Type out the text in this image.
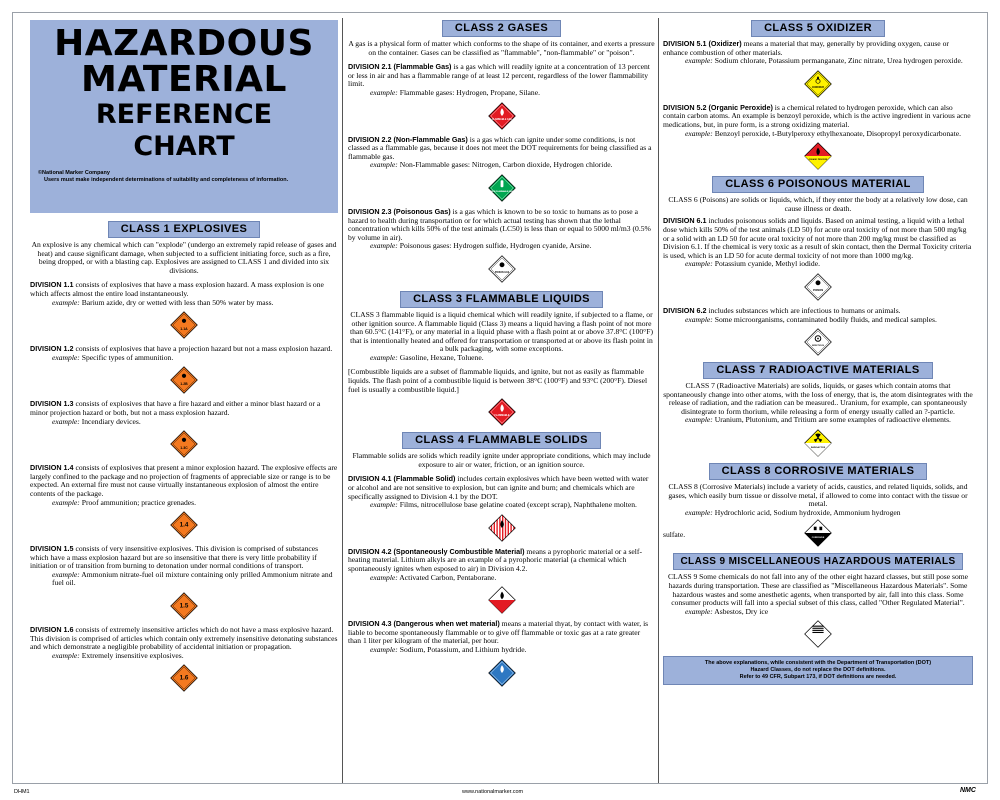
HAZARDOUS
MATERIAL
REFERENCE
CHART
©National Marker Company
Users must make independent determinations of suitability and completeness of information.
CLASS 1 EXPLOSIVES
An explosive is any chemical which can "explode" (undergo an extremely rapid release of gases and heat) and cause significant damage, when subjected to a sufficient initiating force, such as a fire, being dropped, or with a blasting cap. Explosives are assigned to CLASS 1 and divided into six divisions.
DIVISION 1.1 consists of explosives that have a mass explosion hazard. A mass explosion is one which affects almost the entire load instantaneously.
example: Barium azide, dry or wetted with less than 50% water by mass.
1.1A
DIVISION 1.2 consists of explosives that have a projection hazard but not a mass explosion hazard.
example: Specific types of ammunition.
1.2B
DIVISION 1.3 consists of explosives that have a fire hazard and either a minor blast hazard or a minor projection hazard or both, but not a mass explosion hazard.
example: Incendiary devices.
1.3C
DIVISION 1.4 consists of explosives that present a minor explosion hazard. The explosive effects are largely confined to the package and no projection of fragments of appreciable size or range is to be expected. An external fire must not cause virtually instantaneous explosion of almost the entire contents of the package.
example: Proof ammunition; practice grenades.
1.4
DIVISION 1.5 consists of very insensitive explosives. This division is comprised of substances which have a mass explosion hazard but are so insensitive that there is very little probability if initiation or of transition from burning to detonation under normal conditions of transport.
example: Ammonium nitrate-fuel oil mixture containing only prilled Ammonium nitrate and fuel oil.
1.5
DIVISION 1.6 consists of extremely insensitive articles which do not have a mass explosive hazard. This division is comprised of articles which contain only extremely insensitive detonating substances and which demonstrate a negligible probability of accidental initiation or propagation.
example: Extremely insensitive explosives.
1.6
CLASS 2 GASES
A gas is a physical form of matter which conforms to the shape of its container, and exerts a pressure on the container. Gases can be classified as "flammable", "non-flammable" or "poison".
DIVISION 2.1 (Flammable Gas) is a gas which will readily ignite at a concentration of 13 percent or less in air and has a flammable range of at least 12 percent, regardless of the lower flammability limit.
example: Flammable gases: Hydrogen, Propane, Silane.
FLAMMABLE GAS
DIVISION 2.2 (Non-Flammable Gas) is a gas which can ignite under some conditions, is not classed as a flammable gas, because it does not meet the DOT requirements for being classified as a flammable gas.
example: Non-Flammable gases: Nitrogen, Carbon dioxide, Hydrogen chloride.
NON-FLAMMABLE GAS
DIVISION 2.3 (Poisonous Gas) is a gas which is known to be so toxic to humans as to pose a hazard to health during transportation or for which actual testing has shown that the lethal concentration which kills 50% of the test animals (LC50) is less than or equal to 5000 ml/m3 (0.5% by volume in air).
example: Poisonous gases: Hydrogen sulfide, Hydrogen cyanide, Arsine.
POISON GAS
CLASS 3 FLAMMABLE LIQUIDS
CLASS 3 flammable liquid is a liquid chemical which will readily ignite, if subjected to a flame, or other ignition source. A flammable liquid (Class 3) means a liquid having a flash point of not more than 60.5°C (141°F), or any material in a liquid phase with a flash point at or above 37.8°C (100°F) that is intentionally heated and offered for transportation or transported at or above its flash point in a bulk packaging, with some exceptions.
example: Gasoline, Hexane, Toluene.
[Combustible liquids are a subset of flammable liquids, and ignite, but not as easily as flammable liquids. The flash point of a combustible liquid is between 38°C (100°F) and 93°C (200°F). Diesel fuel is usually a combustible liquid.]
FLAMMABLE
CLASS 4 FLAMMABLE SOLIDS
Flammable solids are solids which readily ignite under appropriate conditions, which may include exposure to air or water, friction, or an ignition source.
DIVISION 4.1 (Flammable Solid) includes certain explosives which have been wetted with water or alcohol and are not sensitive to explosion, but can ignite and burn; and chemicals which are specifically assigned to Division 4.1 by the DOT.
example: Films, nitrocellulose base gelatine coated (except scrap), Naphthalene molten.
DIVISION 4.2 (Spontaneously Combustible Material) means a pyrophoric material or a self-heating material. Lithium alkyls are an example of a pyrophoric material (a chemical which spontaneously ignites when esposed to air) in Division 4.2.
example: Activated Carbon, Pentaborane.
DIVISION 4.3 (Dangerous when wet material) means a material thyat, by contact with water, is liable to become spontaneously flammable or to give off flammable or toxic gas at a rate greater than 1 liter per kilogram of the material, per hour.
example: Sodium, Potassium, and Lithium hydride.
CLASS 5 OXIDIZER
DIVISION 5.1 (Oxidizer) means a material that may, generally by providing oxygen, cause or enhance combustion of other materials.
example: Sodium chlorate, Potassium permanganate, Zinc nitrate, Urea hydrogen peroxide.
OXIDIZER
DIVISION 5.2 (Organic Peroxide) is a chemical related to hydrogen peroxide, which can also contain carbon atoms. An example is benzoyl peroxide, which is the active ingredient in various acne medications, but, in pure form, is a strong oxidizing material.
example: Benzoyl peroxide, t-Butylperoxy ethylhexanoate, Disopropyl peroxydicarbonate.
ORGANIC PEROXIDE
CLASS 6 POISONOUS MATERIAL
CLASS 6 (Poisons) are solids or liquids, which, if they enter the body at a relatively low dose, can cause illness or death.
DIVISION 6.1 includes poisonous solids and liquids. Based on animal testing, a liquid with a lethal dose which kills 50% of the test animals (LD 50) for acute oral toxicity of not more than 500 mg/kg or a solid with an LD 50 for acute oral toxicity of not more than 200 mg/kg must be classified as Division 6.1. If the chemical is very toxic as a result of skin contact, then the Dermal Toxicity criteria is used, which is an LD 50 for acute dermal toxicity of not more than 1000 mg/kg.
example: Potassium cyanide, Methyl iodide.
POISON
DIVISION 6.2 includes substances which are infectious to humans or animals.
example: Some microorganisms, contaminated bodily fluids, and medical samples.
INFECTIOUS
CLASS 7 RADIOACTIVE MATERIALS
CLASS 7 (Radioactive Materials) are solids, liquids, or gases which contain atoms that spontaneously change into other atoms, with the loss of energy, that is, the atom disintegrates with the release of radiation, and the radiation can be measured.. Uranium, for example, can spontaneously disintegrate to form thorium, while releasing a form of energy usually called an ?-particle.
example: Uranium, Plutonium, and Tritium are some examples of radioactive elements.
RADIOACTIVE
CLASS 8 CORROSIVE MATERIALS
CLASS 8 (Corrosive Materials) include a variety of acids, caustics, and related liquids, solids, and gases, which easily burn tissue or dissolve metal, if allowed to come into contact with the tissue or metal.
example: Hydrochloric acid, Sodium hydroxide, Ammonium hydrogen
sulfate.	CORROSIVE
CLASS 9 MISCELLANEOUS HAZARDOUS MATERIALS
CLASS 9 Some chemicals do not fall into any of the other eight hazard classes, but still pose some hazards during transportation. These are classified as "Miscellaneous Hazardous Materials". Some hazardous wastes and some anesthetic agents, when transported by air, fall into this class. Some consumer products will fall into a special subset of this class, called "Other Regulated Material".
example: Asbestos, Dry ice
The above explanations, while consistent with the Department of Transportation (DOT)
Hazard Classes, do not replace the DOT definitions.
Refer to 49 CFR, Subpart 173, if DOT definitions are needed.
DHM1	www.nationalmarker.com	NMC
